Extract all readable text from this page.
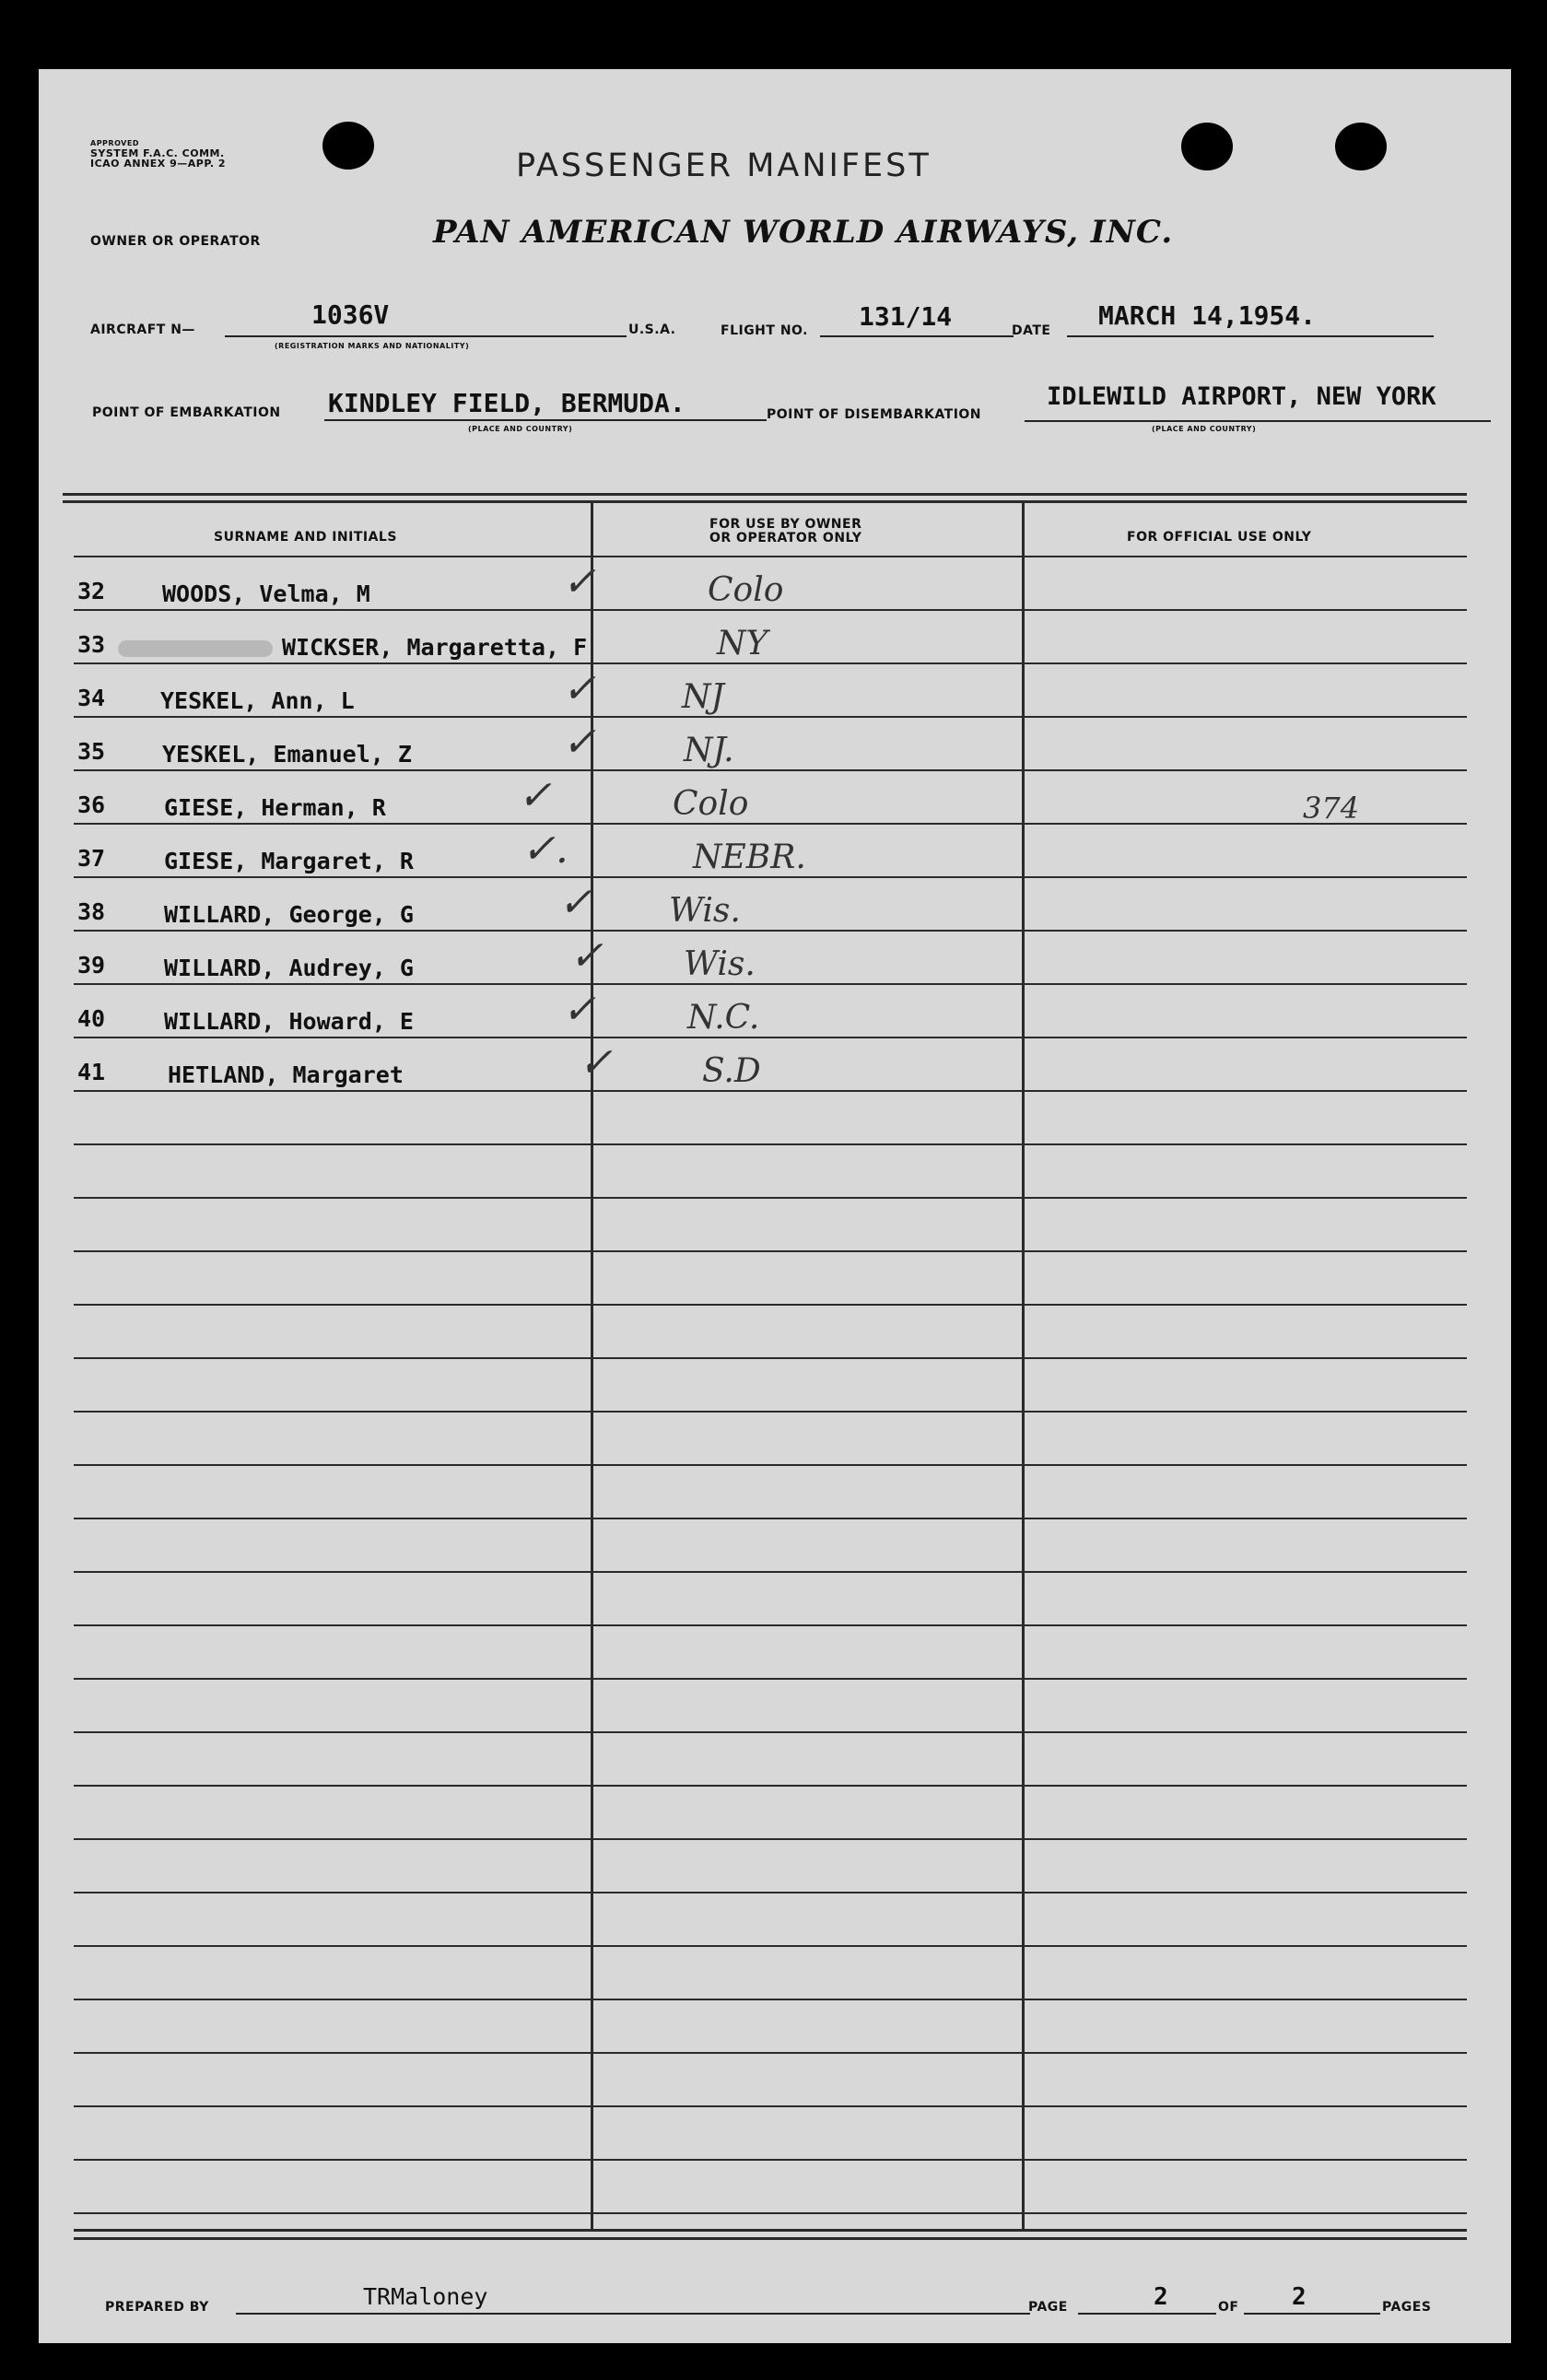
APPROVED
SYSTEM F.A.C. COMM.
ICAO ANNEX 9—APP. 2	PASSENGER MANIFEST
OWNER OR OPERATOR	PAN AMERICAN WORLD AIRWAYS, INC.
AIRCRAFT N—	1036V
(REGISTRATION MARKS AND NATIONALITY)
U.S.A.	FLIGHT NO. 131/14	DATE MARCH 14,1954.
POINT OF EMBARKATION KINDLEY FIELD, BERMUDA.
(PLACE AND COUNTRY)
POINT OF DISEMBARKATION
IDLEWILD AIRPORT, NEW YORK
(PLACE AND COUNTRY)
SURNAME AND INITIALS
FOR USE BY OWNER
OR OPERATOR ONLY	FOR OFFICIAL USE ONLY
32 WOODS, Velma, M	✓	Colo
33	WICKSER, Margaretta, F	NY
34 YESKEL, Ann, L	✓	NJ
35 YESKEL, Emanuel, Z	✓	NJ.
36	GIESE, Herman, R	✓	Colo	374
37	GIESE, Margaret, R	✓.	NEBR.
38	WILLARD, George, G	✓ Wis.
39	WILLARD, Audrey, G	✓ Wis.
40	WILLARD, Howard, E	✓	N.C.
41	HETLAND, Margaret	✓	S.D
PREPARED BY	TRMaloney	PAGE	2	OF 2	PAGES
